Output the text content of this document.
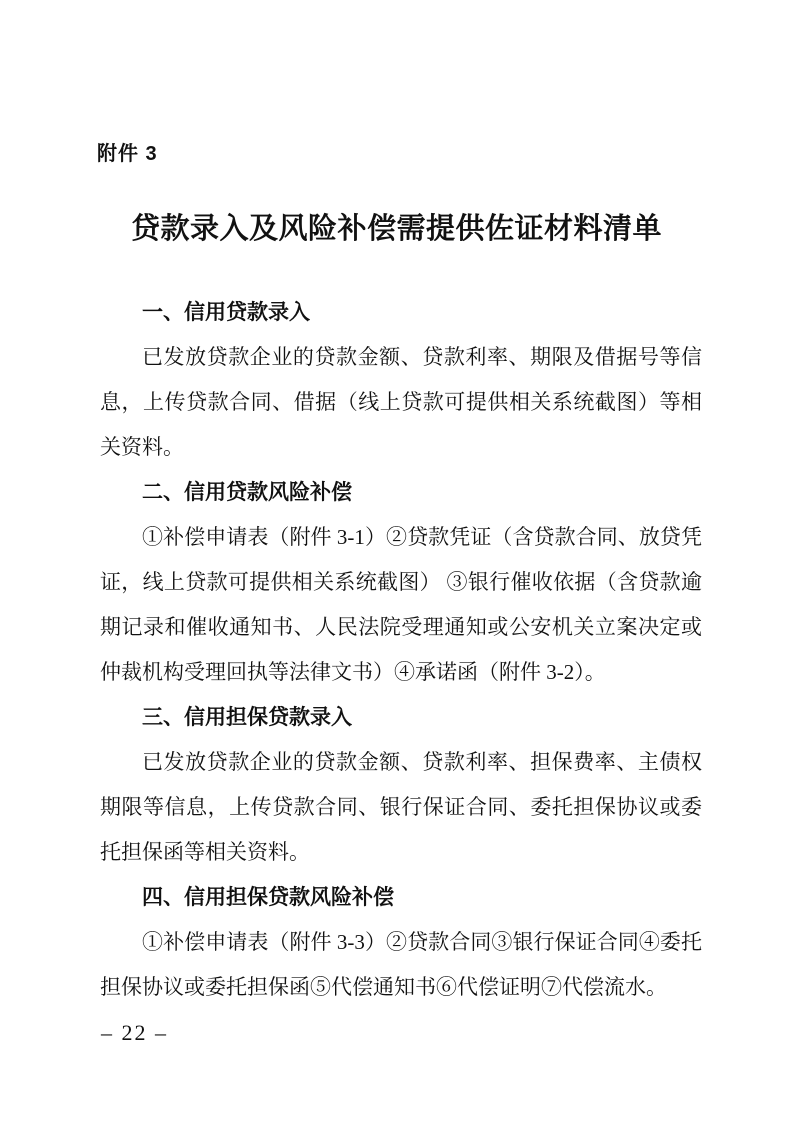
附件 3
贷款录入及风险补偿需提供佐证材料清单
一、信用贷款录入

已发放贷款企业的贷款金额、贷款利率、期限及借据号等信息，上传贷款合同、借据（线上贷款可提供相关系统截图）等相关资料。

二、信用贷款风险补偿

①补偿申请表（附件 3-1）②贷款凭证（含贷款合同、放贷凭证，线上贷款可提供相关系统截图） ③银行催收依据（含贷款逾期记录和催收通知书、人民法院受理通知或公安机关立案决定或仲裁机构受理回执等法律文书）④承诺函（附件 3-2）。

三、信用担保贷款录入

已发放贷款企业的贷款金额、贷款利率、担保费率、主债权期限等信息，上传贷款合同、银行保证合同、委托担保协议或委托担保函等相关资料。

四、信用担保贷款风险补偿

①补偿申请表（附件 3-3）②贷款合同③银行保证合同④委托担保协议或委托担保函⑤代偿通知书⑥代偿证明⑦代偿流水。

– 22 –
